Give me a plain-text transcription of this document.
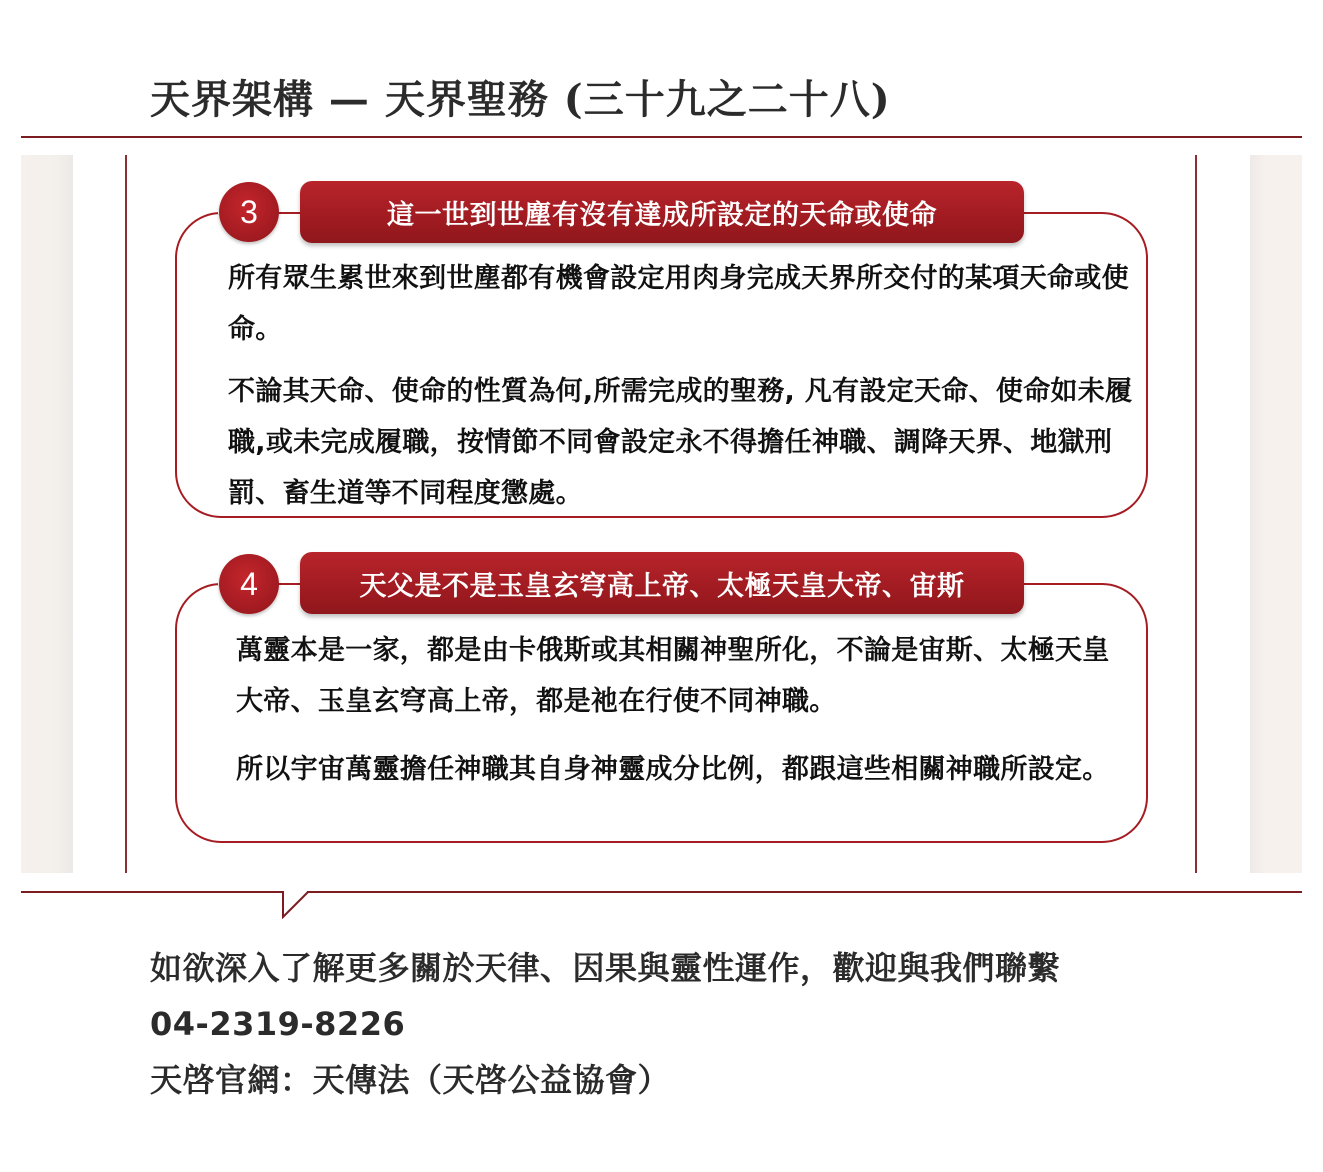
天界架構 — 天界聖務 (三十九之二十八)
3	這一世到世塵有沒有達成所設定的天命或使命
所有眾生累世來到世塵都有機會設定用肉身完成天界所交付的某項天命或使命。
不論其天命、使命的性質為何,所需完成的聖務, 凡有設定天命、使命如未履職,或未完成履職，按情節不同會設定永不得擔任神職、調降天界、地獄刑罰、畜生道等不同程度懲處。
4	天父是不是玉皇玄穹高上帝、太極天皇大帝、宙斯
萬靈本是一家，都是由卡俄斯或其相關神聖所化，不論是宙斯、太極天皇大帝、玉皇玄穹高上帝，都是祂在行使不同神職。
所以宇宙萬靈擔任神職其自身神靈成分比例，都跟這些相關神職所設定。
如欲深入了解更多關於天律、因果與靈性運作，歡迎與我們聯繫
04-2319-8226
天啓官網：天傳法（天啓公益協會）
